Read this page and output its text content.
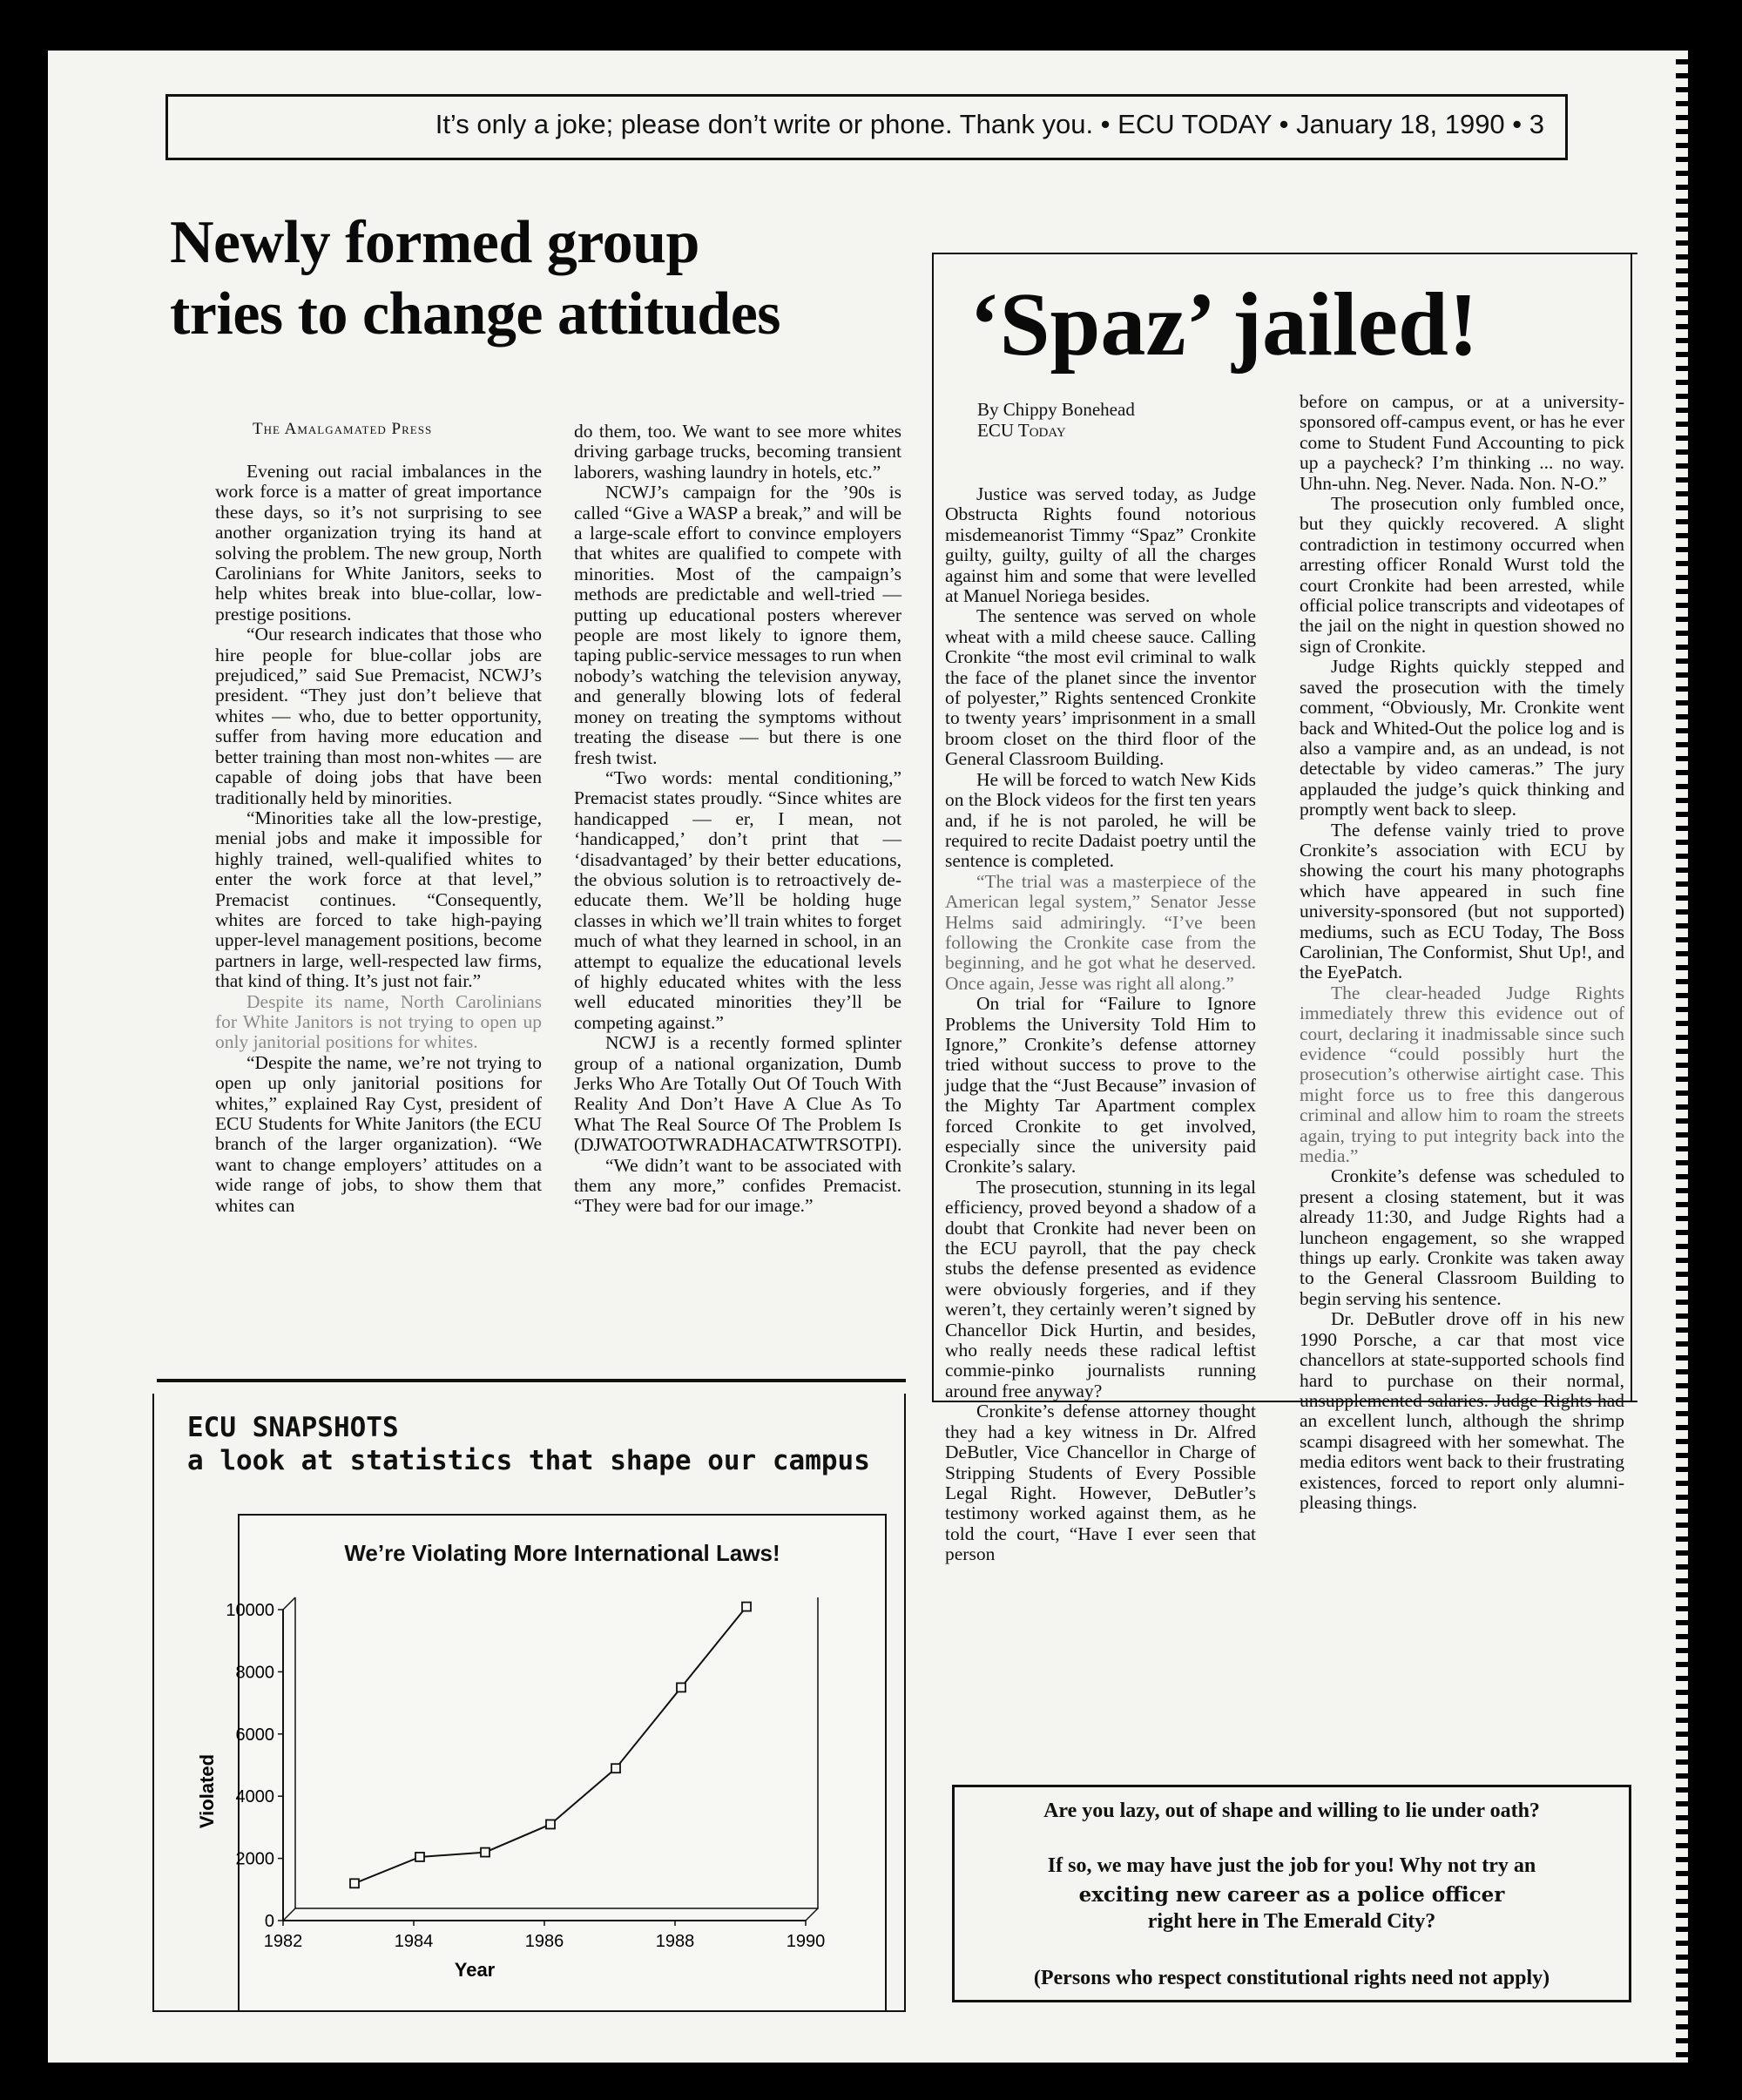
It’s only a joke; please don’t write or phone. Thank you. • ECU TODAY • January 18, 1990 • 3
Newly formed group
tries to change attitudes
The Amalgamated Press

Evening out racial imbalances in the work force is a matter of great importance these days, so it’s not surprising to see another organization trying its hand at solving the problem. The new group, North Carolinians for White Janitors, seeks to help whites break into blue-collar, low-prestige positions.

“Our research indicates that those who hire people for blue-collar jobs are prejudiced,” said Sue Premacist, NCWJ’s president. “They just don’t believe that whites — who, due to better opportunity, suffer from having more education and better training than most non-whites — are capable of doing jobs that have been traditionally held by minorities.

“Minorities take all the low-prestige, menial jobs and make it impossible for highly trained, well-qualified whites to enter the work force at that level,” Premacist continues. “Consequently, whites are forced to take high-paying upper-level management positions, become partners in large, well-respected law firms, that kind of thing. It’s just not fair.”

Despite its name, North Carolinians for White Janitors is not trying to open up only janitorial positions for whites.

“Despite the name, we’re not trying to open up only janitorial positions for whites,” explained Ray Cyst, president of ECU Students for White Janitors (the ECU branch of the larger organization). “We want to change employers’ attitudes on a wide range of jobs, to show them that whites can

do them, too. We want to see more whites driving garbage trucks, becoming transient laborers, washing laundry in hotels, etc.”

NCWJ’s campaign for the ’90s is called “Give a WASP a break,” and will be a large-scale effort to convince employers that whites are qualified to compete with minorities. Most of the campaign’s methods are predictable and well-tried — putting up educational posters wherever people are most likely to ignore them, taping public-service messages to run when nobody’s watching the television anyway, and generally blowing lots of federal money on treating the symptoms without treating the disease — but there is one fresh twist.

“Two words: mental conditioning,” Premacist states proudly. “Since whites are handicapped — er, I mean, not ‘handicapped,’ don’t print that — ‘disadvantaged’ by their better educations, the obvious solution is to retroactively de-educate them. We’ll be holding huge classes in which we’ll train whites to forget much of what they learned in school, in an attempt to equalize the educational levels of highly educated whites with the less well educated minorities they’ll be competing against.”

NCWJ is a recently formed splinter group of a national organization, Dumb Jerks Who Are Totally Out Of Touch With Reality And Don’t Have A Clue As To What The Real Source Of The Problem Is (DJWATOOTWRADHACATWTRSOTPI).

“We didn’t want to be associated with them any more,” confides Premacist. “They were bad for our image.”

‘Spaz’ jailed!
By Chippy Bonehead
ECU Today

Justice was served today, as Judge Obstructa Rights found notorious misdemeanorist Timmy “Spaz” Cronkite guilty, guilty, guilty of all the charges against him and some that were levelled at Manuel Noriega besides.

The sentence was served on whole wheat with a mild cheese sauce. Calling Cronkite “the most evil criminal to walk the face of the planet since the inventor of polyester,” Rights sentenced Cronkite to twenty years’ imprisonment in a small broom closet on the third floor of the General Classroom Building.

He will be forced to watch New Kids on the Block videos for the first ten years and, if he is not paroled, he will be required to recite Dadaist poetry until the sentence is completed.

“The trial was a masterpiece of the American legal system,” Senator Jesse Helms said admiringly. “I’ve been following the Cronkite case from the beginning, and he got what he deserved. Once again, Jesse was right all along.”

On trial for “Failure to Ignore Problems the University Told Him to Ignore,” Cronkite’s defense attorney tried without success to prove to the judge that the “Just Because” invasion of the Mighty Tar Apartment complex forced Cronkite to get involved, especially since the university paid Cronkite’s salary.

The prosecution, stunning in its legal efficiency, proved beyond a shadow of a doubt that Cronkite had never been on the ECU payroll, that the pay check stubs the defense presented as evidence were obviously forgeries, and if they weren’t, they certainly weren’t signed by Chancellor Dick Hurtin, and besides, who really needs these radical leftist commie-pinko journalists running around free anyway?

Cronkite’s defense attorney thought they had a key witness in Dr. Alfred DeButler, Vice Chancellor in Charge of Stripping Students of Every Possible Legal Right. However, DeButler’s testimony worked against them, as he told the court, “Have I ever seen that person

before on campus, or at a university-sponsored off-campus event, or has he ever come to Student Fund Accounting to pick up a paycheck? I’m thinking ... no way. Uhn-uhn. Neg. Never. Nada. Non. N-O.”

The prosecution only fumbled once, but they quickly recovered. A slight contradiction in testimony occurred when arresting officer Ronald Wurst told the court Cronkite had been arrested, while official police transcripts and videotapes of the jail on the night in question showed no sign of Cronkite.

Judge Rights quickly stepped and saved the prosecution with the timely comment, “Obviously, Mr. Cronkite went back and Whited-Out the police log and is also a vampire and, as an undead, is not detectable by video cameras.” The jury applauded the judge’s quick thinking and promptly went back to sleep.

The defense vainly tried to prove Cronkite’s association with ECU by showing the court his many photographs which have appeared in such fine university-sponsored (but not supported) mediums, such as ECU Today, The Boss Carolinian, The Conformist, Shut Up!, and the EyePatch.

The clear-headed Judge Rights immediately threw this evidence out of court, declaring it inadmissable since such evidence “could possibly hurt the prosecution’s otherwise airtight case. This might force us to free this dangerous criminal and allow him to roam the streets again, trying to put integrity back into the media.”

Cronkite’s defense was scheduled to present a closing statement, but it was already 11:30, and Judge Rights had a luncheon engagement, so she wrapped things up early. Cronkite was taken away to the General Classroom Building to begin serving his sentence.

Dr. DeButler drove off in his new 1990 Porsche, a car that most vice chancellors at state-supported schools find hard to purchase on their normal, unsupplemented salaries. Judge Rights had an excellent lunch, although the shrimp scampi disagreed with her somewhat. The media editors went back to their frustrating existences, forced to report only alumni-pleasing things.

ECU SNAPSHOTS
a look at statistics that shape our campus
We’re Violating More International Laws!
0
2000
4000
6000
8000
10000
1982	1984	1986	1988	1990
Year
Violated	Are you lazy, out of shape and willing to lie under oath?

If so, we may have just the job for you! Why not try an

exciting new career as a police officer

right here in The Emerald City?

(Persons who respect constitutional rights need not apply)
